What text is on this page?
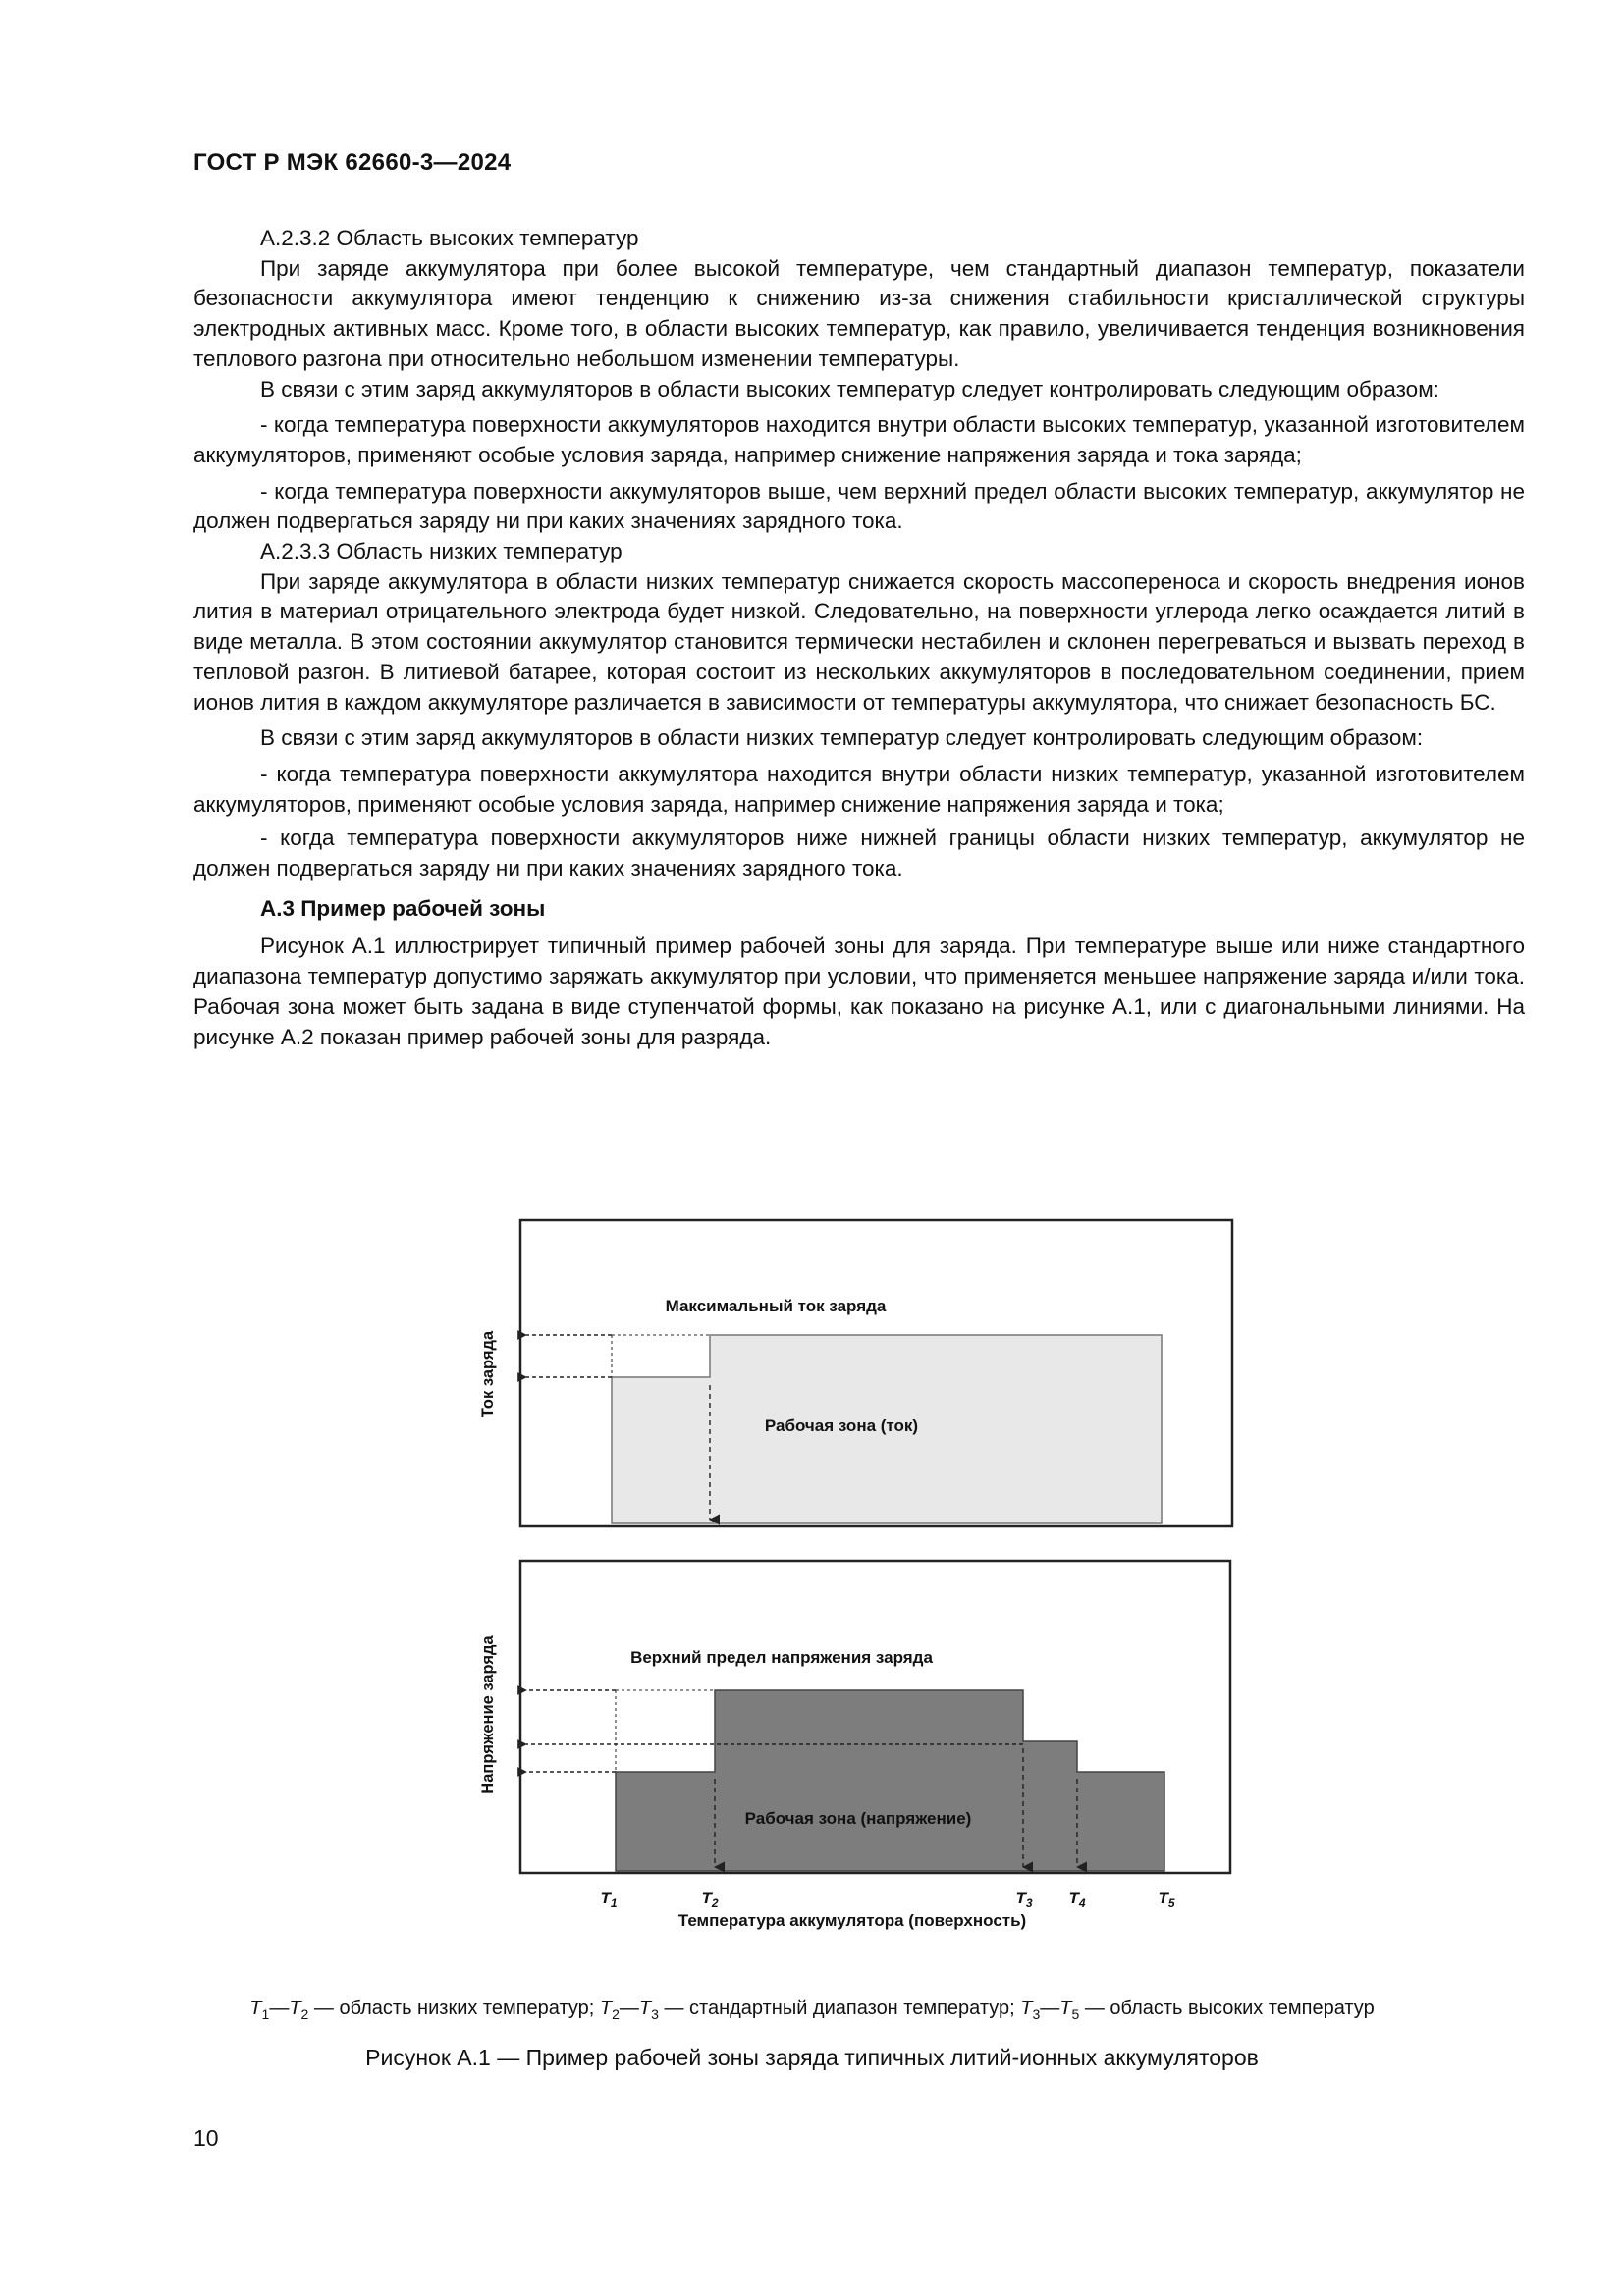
ГОСТ Р МЭК 62660-3—2024

А.2.3.2 Область высоких температур

При заряде аккумулятора при более высокой температуре, чем стандартный диапазон температур, показатели безопасности аккумулятора имеют тенденцию к снижению из-за снижения стабильности кристаллической структуры электродных активных масс. Кроме того, в области высоких температур, как правило, увеличивается тенденция возникновения теплового разгона при относительно небольшом изменении температуры.

В связи с этим заряд аккумуляторов в области высоких температур следует контролировать следующим образом:

- когда температура поверхности аккумуляторов находится внутри области высоких температур, указанной изготовителем аккумуляторов, применяют особые условия заряда, например снижение напряжения заряда и тока заряда;

- когда температура поверхности аккумуляторов выше, чем верхний предел области высоких температур, аккумулятор не должен подвергаться заряду ни при каких значениях зарядного тока.

А.2.3.3 Область низких температур

При заряде аккумулятора в области низких температур снижается скорость массопереноса и скорость внедрения ионов лития в материал отрицательного электрода будет низкой. Следовательно, на поверхности углерода легко осаждается литий в виде металла. В этом состоянии аккумулятор становится термически нестабилен и склонен перегреваться и вызвать переход в тепловой разгон. В литиевой батарее, которая состоит из нескольких аккумуляторов в последовательном соединении, прием ионов лития в каждом аккумуляторе различается в зависимости от температуры аккумулятора, что снижает безопасность БС.

В связи с этим заряд аккумуляторов в области низких температур следует контролировать следующим образом:

- когда температура поверхности аккумулятора находится внутри области низких температур, указанной изготовителем аккумуляторов, применяют особые условия заряда, например снижение напряжения заряда и тока;

- когда температура поверхности аккумуляторов ниже нижней границы области низких температур, аккумулятор не должен подвергаться заряду ни при каких значениях зарядного тока.

А.3 Пример рабочей зоны

Рисунок А.1 иллюстрирует типичный пример рабочей зоны для заряда. При температуре выше или ниже стандартного диапазона температур допустимо заряжать аккумулятор при условии, что применяется меньшее напряжение заряда и/или тока. Рабочая зона может быть задана в виде ступенчатой формы, как показано на рисунке А.1, или с диагональными линиями. На рисунке А.2 показан пример рабочей зоны для разряда.

Ток заряда
Максимальный ток заряда
Рабочая зона (ток)
Напряжение заряда	Верхний предел напряжения заряда
Рабочая зона (напряжение)
$T_1$	$T_2$	$T_3$ $T_4$	$T_5$
Температура аккумулятора (поверхность)
$T_1—T_2$ — область низких температур; $T_2—T_3$ — стандартный диапазон температур; $T_3—T_5$ — область высоких температур
Рисунок А.1 — Пример рабочей зоны заряда типичных литий-ионных аккумуляторов
10
